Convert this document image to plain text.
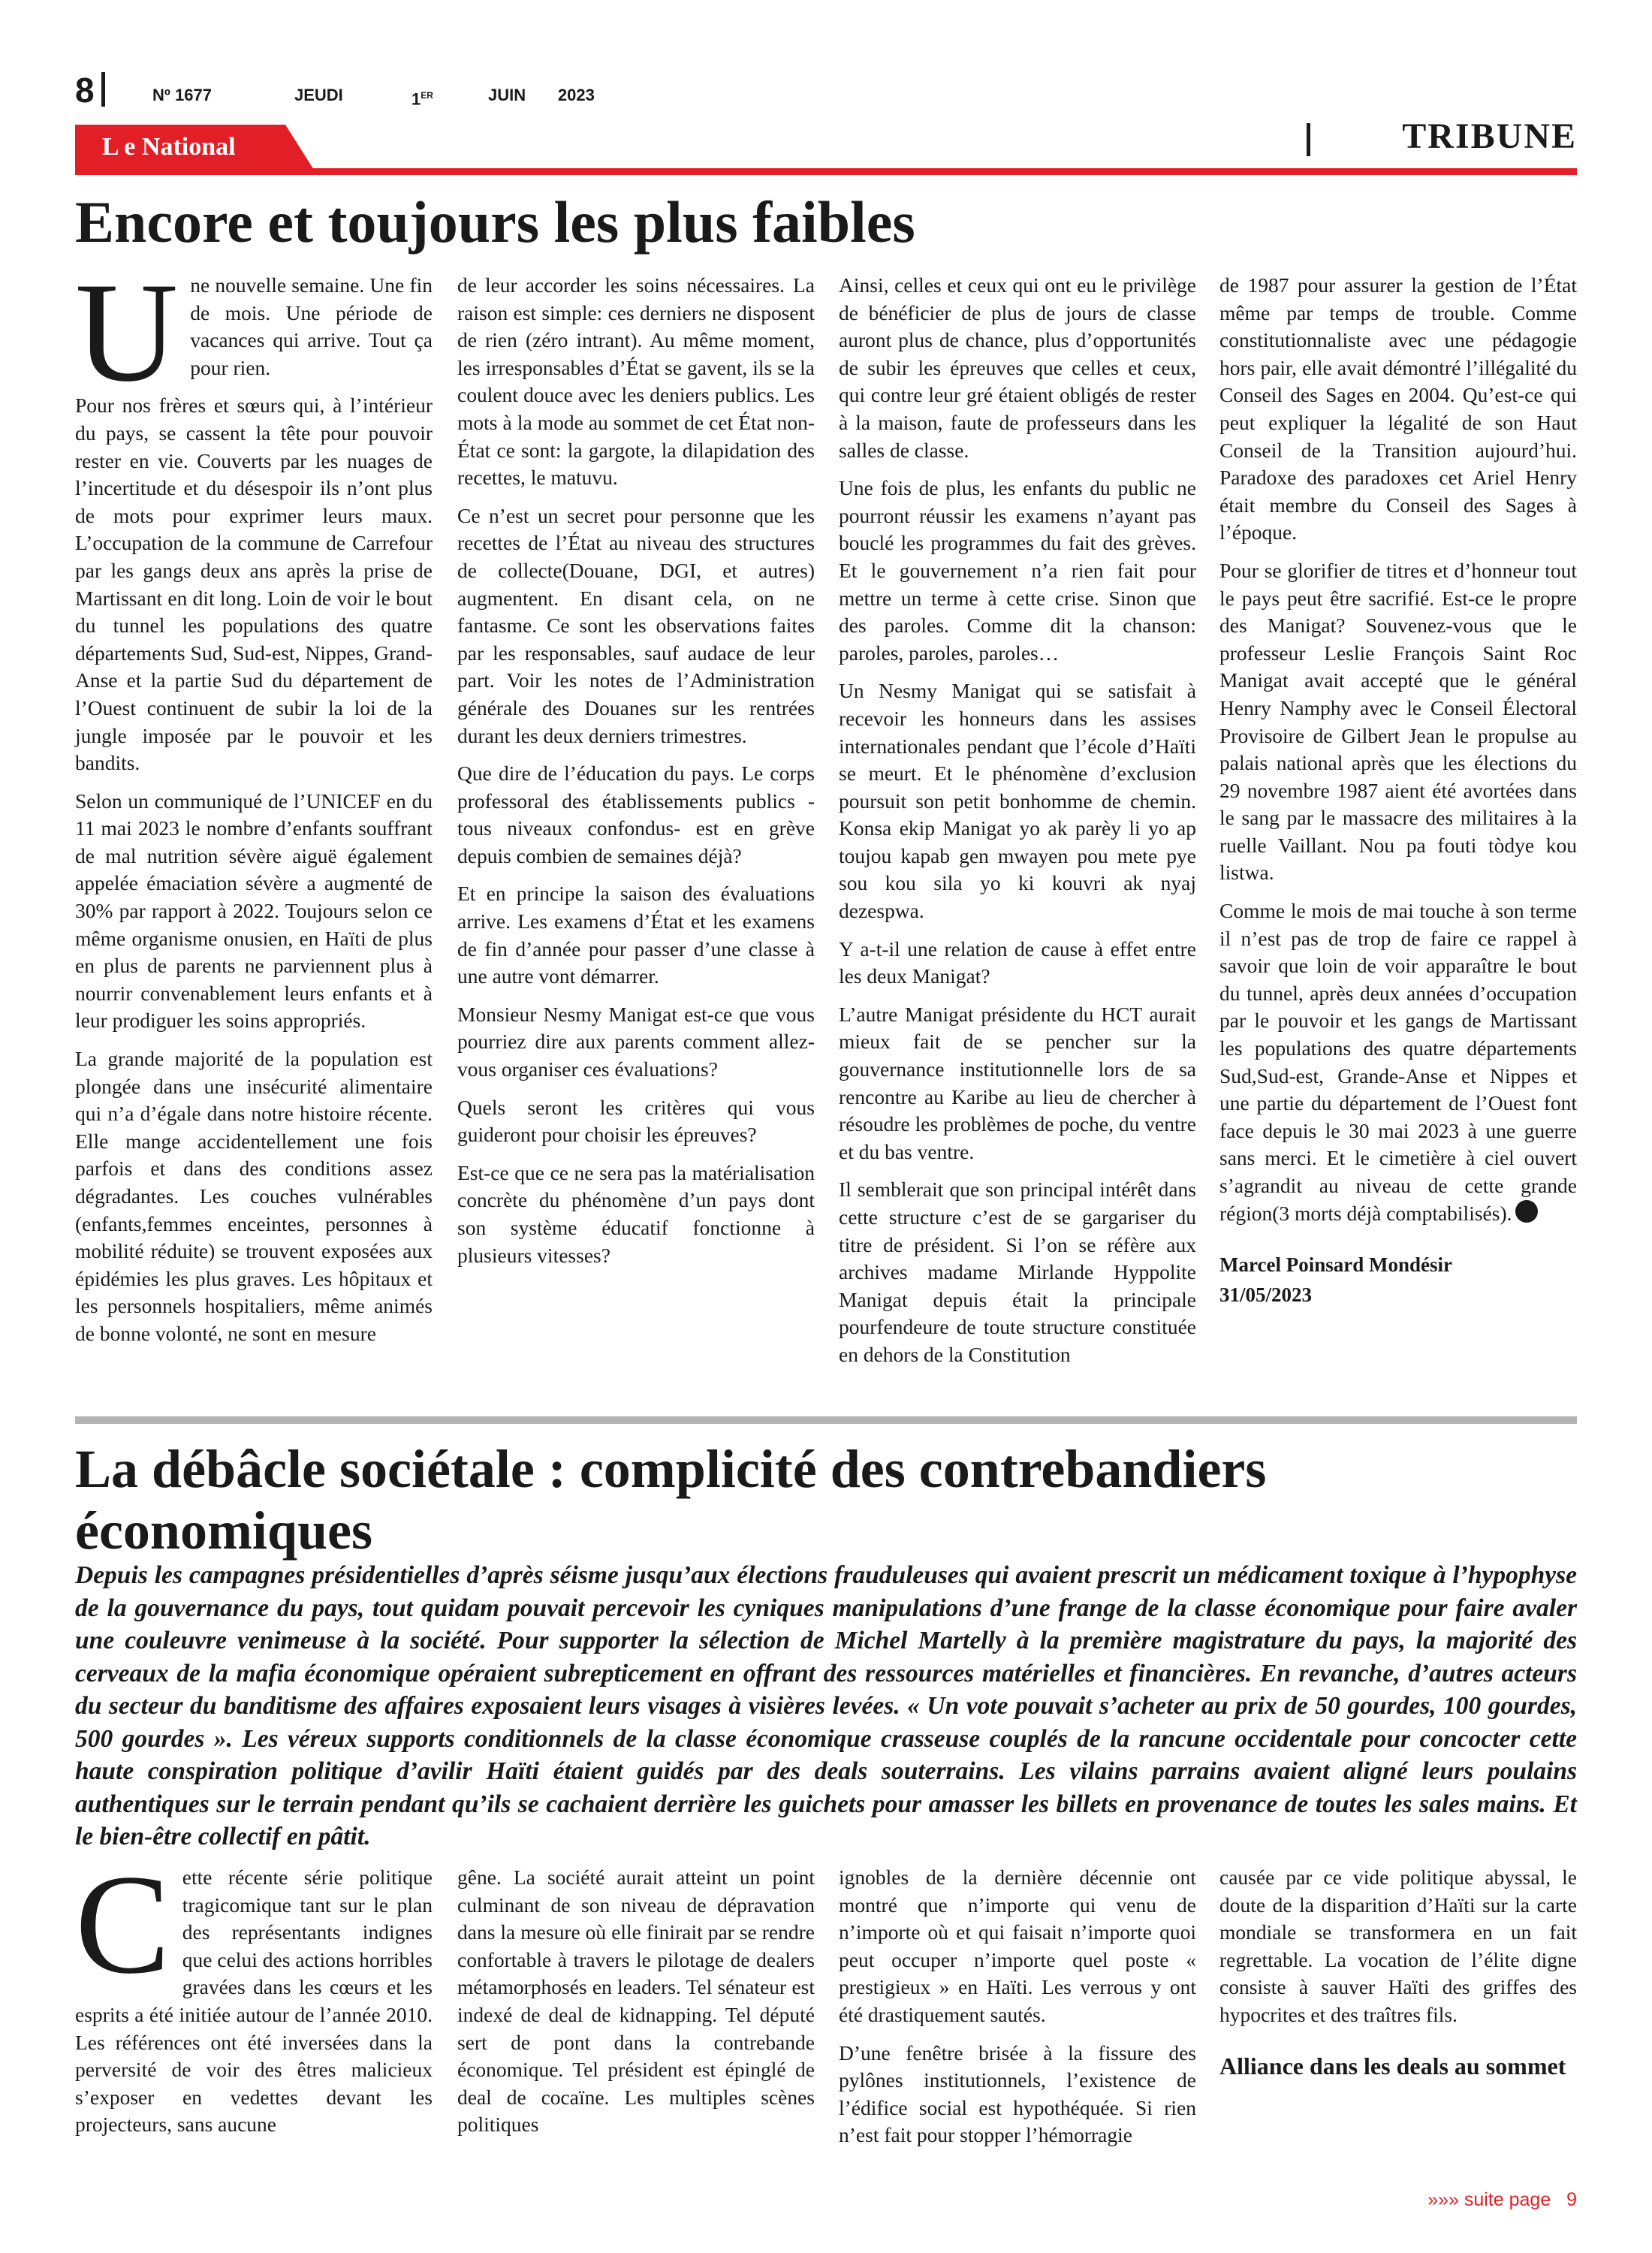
8	Nº 1677	JEUDI	1ER	JUIN 2023
L e National	TRIBUNE
Encore et toujours les plus faibles

Une nouvelle semaine. Une fin de mois. Une période de vacances qui arrive. Tout ça pour rien.

Pour nos frères et sœurs qui, à l’intérieur du pays, se cassent la tête pour pouvoir rester en vie. Couverts par les nuages de l’incertitude et du désespoir ils n’ont plus de mots pour exprimer leurs maux. L’occupation de la commune de Carrefour par les gangs deux ans après la prise de Martissant en dit long. Loin de voir le bout du tunnel les populations des quatre départements Sud, Sud-est, Nippes, Grand-Anse et la partie Sud du département de l’Ouest continuent de subir la loi de la jungle imposée par le pouvoir et les bandits.

Selon un communiqué de l’UNICEF en du 11 mai 2023 le nombre d’enfants souffrant de mal nutrition sévère aiguë également appelée émaciation sévère a augmenté de 30% par rapport à 2022. Toujours selon ce même organisme onusien, en Haïti de plus en plus de parents ne parviennent plus à nourrir convenablement leurs enfants et à leur prodiguer les soins appropriés.

La grande majorité de la population est plongée dans une insécurité alimentaire qui n’a d’égale dans notre histoire récente. Elle mange accidentellement une fois parfois et dans des conditions assez dégradantes. Les couches vulnérables (enfants,femmes enceintes, personnes à mobilité réduite) se trouvent exposées aux épidémies les plus graves. Les hôpitaux et les personnels hospitaliers, même animés de bonne volonté, ne sont en mesure

de leur accorder les soins nécessaires. La raison est simple: ces derniers ne disposent de rien (zéro intrant). Au même moment, les irresponsables d’État se gavent, ils se la coulent douce avec les deniers publics. Les mots à la mode au sommet de cet État non-État ce sont: la gargote, la dilapidation des recettes, le matuvu.

Ce n’est un secret pour personne que les recettes de l’État au niveau des structures de collecte(Douane, DGI, et autres) augmentent. En disant cela, on ne fantasme. Ce sont les observations faites par les responsables, sauf audace de leur part. Voir les notes de l’Administration générale des Douanes sur les rentrées durant les deux derniers trimestres.

Que dire de l’éducation du pays. Le corps professoral des établissements publics - tous niveaux confondus- est en grève depuis combien de semaines déjà?

Et en principe la saison des évaluations arrive. Les examens d’État et les examens de fin d’année pour passer d’une classe à une autre vont démarrer.

Monsieur Nesmy Manigat est-ce que vous pourriez dire aux parents comment allez-vous organiser ces évaluations?

Quels seront les critères qui vous guideront pour choisir les épreuves?

Est-ce que ce ne sera pas la matérialisation concrète du phénomène d’un pays dont son système éducatif fonctionne à plusieurs vitesses?

Ainsi, celles et ceux qui ont eu le privilège de bénéficier de plus de jours de classe auront plus de chance, plus d’opportunités de subir les épreuves que celles et ceux, qui contre leur gré étaient obligés de rester à la maison, faute de professeurs dans les salles de classe.

Une fois de plus, les enfants du public ne pourront réussir les examens n’ayant pas bouclé les programmes du fait des grèves. Et le gouvernement n’a rien fait pour mettre un terme à cette crise. Sinon que des paroles. Comme dit la chanson: paroles, paroles, paroles…

Un Nesmy Manigat qui se satisfait à recevoir les honneurs dans les assises internationales pendant que l’école d’Haïti se meurt. Et le phénomène d’exclusion poursuit son petit bonhomme de chemin. Konsa ekip Manigat yo ak parèy li yo ap toujou kapab gen mwayen pou mete pye sou kou sila yo ki kouvri ak nyaj dezespwa.

Y a-t-il une relation de cause à effet entre les deux Manigat?

L’autre Manigat présidente du HCT aurait mieux fait de se pencher sur la gouvernance institutionnelle lors de sa rencontre au Karibe au lieu de chercher à résoudre les problèmes de poche, du ventre et du bas ventre.

Il semblerait que son principal intérêt dans cette structure c’est de se gargariser du titre de président. Si l’on se réfère aux archives madame Mirlande Hyppolite Manigat depuis était la principale pourfendeure de toute structure constituée en dehors de la Constitution

de 1987 pour assurer la gestion de l’État même par temps de trouble. Comme constitutionnaliste avec une pédagogie hors pair, elle avait démontré l’illégalité du Conseil des Sages en 2004. Qu’est-ce qui peut expliquer la légalité de son Haut Conseil de la Transition aujourd’hui. Paradoxe des paradoxes cet Ariel Henry était membre du Conseil des Sages à l’époque.

Pour se glorifier de titres et d’honneur tout le pays peut être sacrifié. Est-ce le propre des Manigat? Souvenez-vous que le professeur Leslie François Saint Roc Manigat avait accepté que le général Henry Namphy avec le Conseil Électoral Provisoire de Gilbert Jean le propulse au palais national après que les élections du 29 novembre 1987 aient été avortées dans le sang par le massacre des militaires à la ruelle Vaillant. Nou pa fouti tòdye kou listwa.

Comme le mois de mai touche à son terme il n’est pas de trop de faire ce rappel à savoir que loin de voir apparaître le bout du tunnel, après deux années d’occupation par le pouvoir et les gangs de Martissant les populations des quatre départements Sud,Sud-est, Grande-Anse et Nippes et une partie du département de l’Ouest font face depuis le 30 mai 2023 à une guerre sans merci. Et le cimetière à ciel ouvert s’agrandit au niveau de cette grande région(3 morts déjà comptabilisés).

Marcel Poinsard Mondésir
31/05/2023
La débâcle sociétale : complicité des contrebandiers économiques
Depuis les campagnes présidentielles d’après séisme jusqu’aux élections frauduleuses qui avaient prescrit un médicament toxique à l’hypophyse de la gouvernance du pays, tout quidam pouvait percevoir les cyniques manipulations d’une frange de la classe économique pour faire avaler une couleuvre venimeuse à la société. Pour supporter la sélection de Michel Martelly à la première magistrature du pays, la majorité des cerveaux de la mafia économique opéraient subrepticement en offrant des ressources matérielles et financières. En revanche, d’autres acteurs du secteur du banditisme des affaires exposaient leurs visages à visières levées. « Un vote pouvait s’acheter au prix de 50 gourdes, 100 gourdes, 500 gourdes ». Les véreux supports conditionnels de la classe économique crasseuse couplés de la rancune occidentale pour concocter cette haute conspiration politique d’avilir Haïti étaient guidés par des deals souterrains. Les vilains parrains avaient aligné leurs poulains authentiques sur le terrain pendant qu’ils se cachaient derrière les guichets pour amasser les billets en provenance de toutes les sales mains. Et le bien-être collectif en pâtit.

Cette récente série politique tragicomique tant sur le plan des représentants indignes que celui des actions horribles gravées dans les cœurs et les esprits a été initiée autour de l’année 2010. Les références ont été inversées dans la perversité de voir des êtres malicieux s’exposer en vedettes devant les projecteurs, sans aucune

gêne. La société aurait atteint un point culminant de son niveau de dépravation dans la mesure où elle finirait par se rendre confortable à travers le pilotage de dealers métamorphosés en leaders. Tel sénateur est indexé de deal de kidnapping. Tel député sert de pont dans la contrebande économique. Tel président est épinglé de deal de cocaïne. Les multiples scènes politiques

ignobles de la dernière décennie ont montré que n’importe qui venu de n’importe où et qui faisait n’importe quoi peut occuper n’importe quel poste « prestigieux » en Haïti. Les verrous y ont été drastiquement sautés.

D’une fenêtre brisée à la fissure des pylônes institutionnels, l’existence de l’édifice social est hypothéquée. Si rien n’est fait pour stopper l’hémorragie

causée par ce vide politique abyssal, le doute de la disparition d’Haïti sur la carte mondiale se transformera en un fait regrettable. La vocation de l’élite digne consiste à sauver Haïti des griffes des hypocrites et des traîtres fils.

Alliance dans les deals au sommet
»»» suite page 9
